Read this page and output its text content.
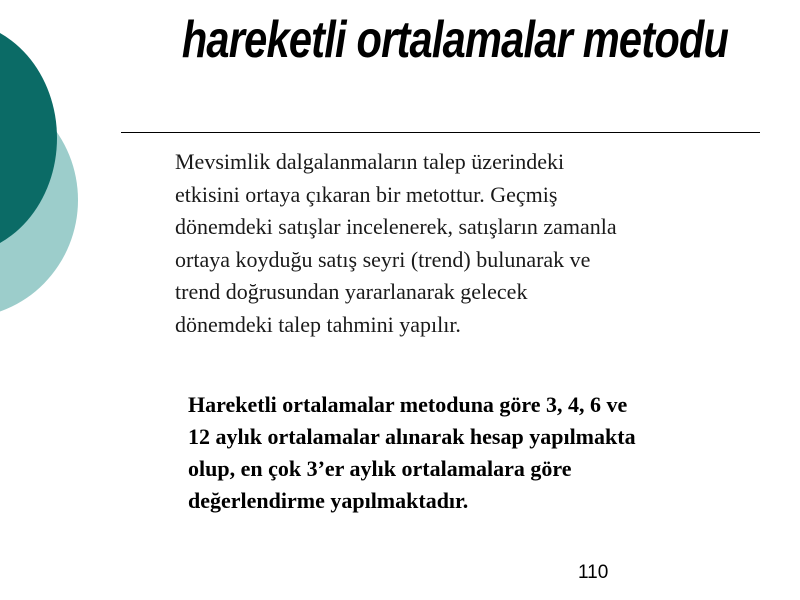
hareketli ortalamalar metodu

Mevsimlik dalgalanmaların talep üzerindeki
etkisini ortaya çıkaran bir metottur. Geçmiş
dönemdeki satışlar incelenerek, satışların zamanla
ortaya koyduğu satış seyri (trend) bulunarak ve
trend doğrusundan yararlanarak gelecek
dönemdeki talep tahmini yapılır.

Hareketli ortalamalar metoduna göre 3, 4, 6 ve
12 aylık ortalamalar alınarak hesap yapılmakta
olup, en çok 3’er aylık ortalamalara göre
değerlendirme yapılmaktadır.

110
